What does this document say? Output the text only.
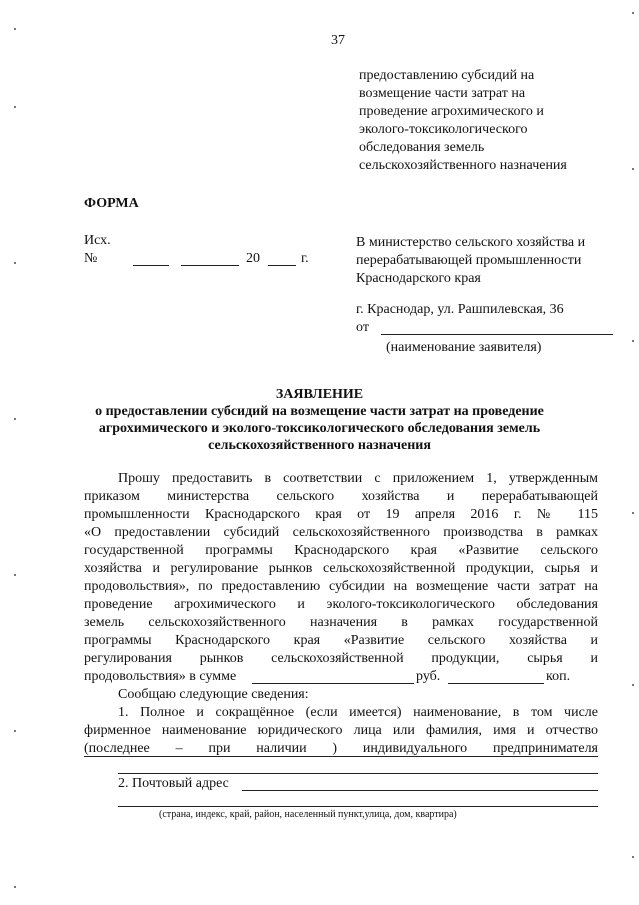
37
предоставлению субсидий на
возмещение части затрат на
проведение агрохимического и
эколого-токсикологического
обследования земель
сельскохозяйственного назначения
ФОРМА
Исх.
№	20	г.
В министерство сельского хозяйства и
перерабатывающей промышленности
Краснодарского края
г. Краснодар, ул. Рашпилевская, 36
от
(наименование заявителя)
ЗАЯВЛЕНИЕ
о предоставлении субсидий на возмещение части затрат на проведение
агрохимического и эколого-токсикологического обследования земель
сельскохозяйственного назначения
Прошу предоставить в соответствии с приложением 1, утвержденным
приказом министерства сельского хозяйства и перерабатывающей
промышленности Краснодарского края от 19 апреля 2016 г. № 115
«О предоставлении субсидий сельскохозяйственного производства в рамках
государственной программы Краснодарского края «Развитие сельского
хозяйства и регулирование рынков сельскохозяйственной продукции, сырья и
продовольствия», по предоставлению субсидии на возмещение части затрат на
проведение агрохимического и эколого-токсикологического обследования
земель сельскохозяйственного назначения в рамках государственной
программы Краснодарского края «Развитие сельского хозяйства и
регулирования рынков сельскохозяйственной продукции, сырья и
продовольствия» в сумме	руб.	коп.
Сообщаю следующие сведения:
1. Полное и сокращённое (если имеется) наименование, в том числе
фирменное наименование юридического лица или фамилия, имя и отчество
(последнее – при наличии ) индивидуального предпринимателя
2. Почтовый адрес
(страна, индекс, край, район, населенный пункт,улица, дом, квартира)
